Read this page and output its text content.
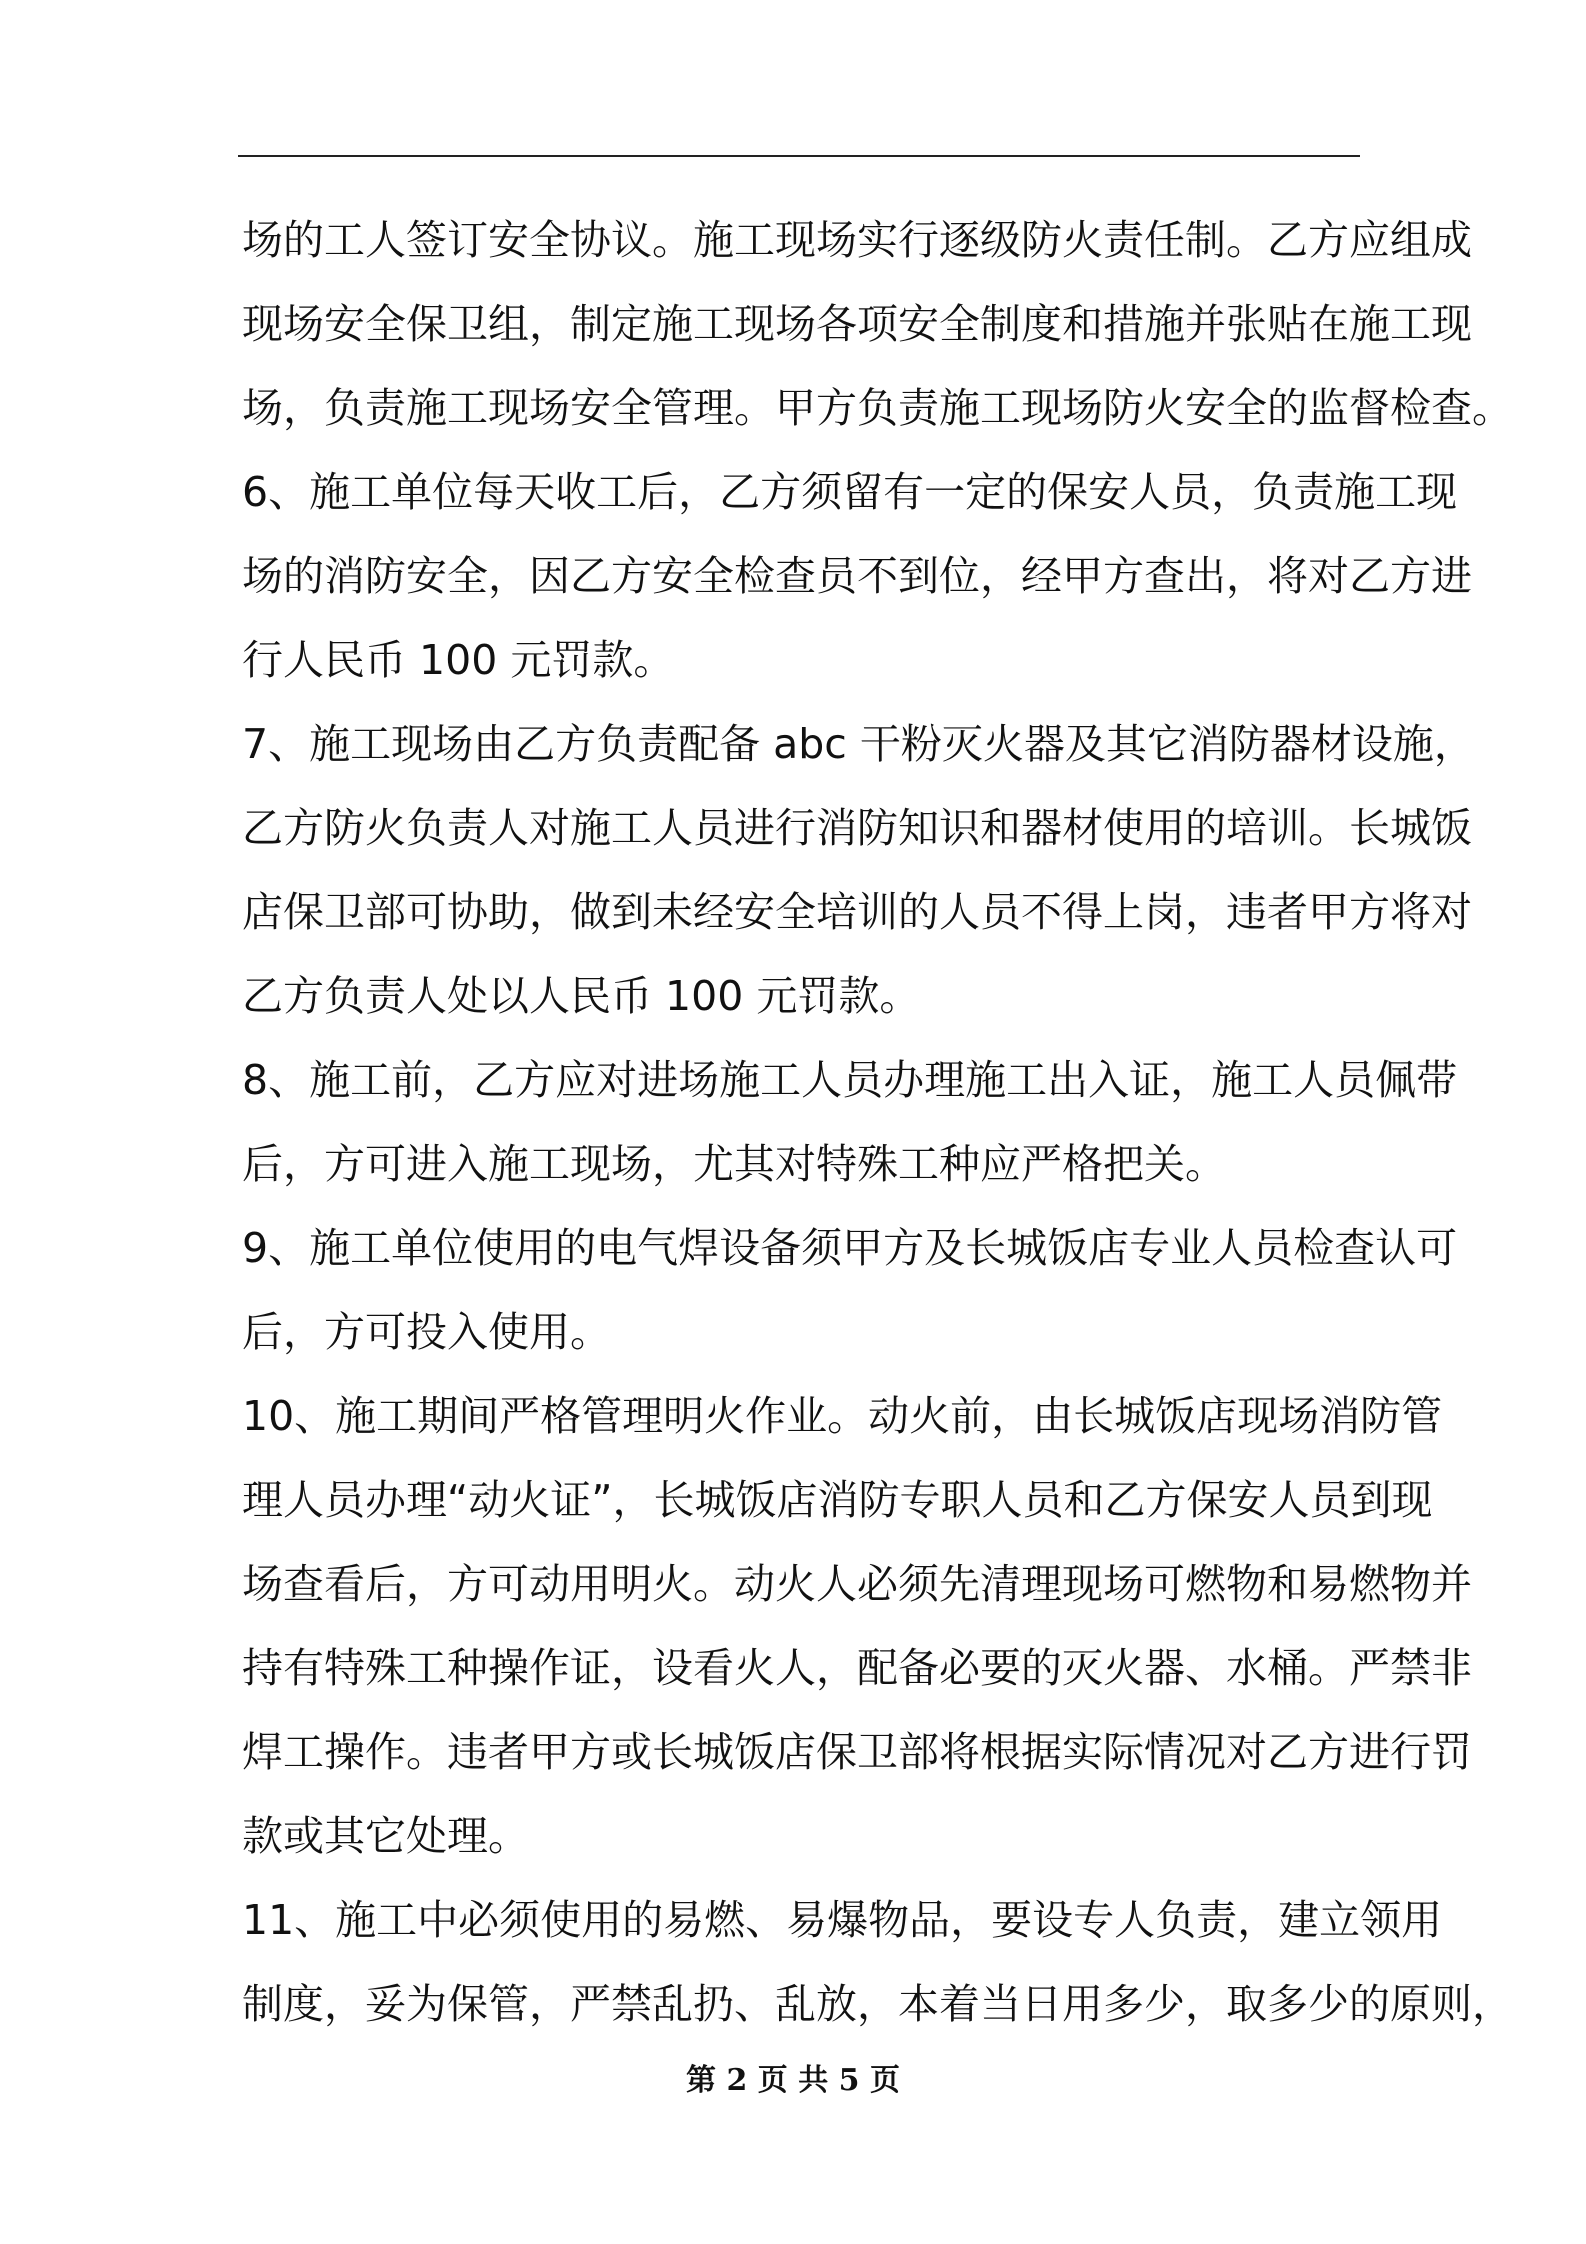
场的工人签订安全协议。施工现场实行逐级防火责任制。乙方应组成
现场安全保卫组，制定施工现场各项安全制度和措施并张贴在施工现
场，负责施工现场安全管理。甲方负责施工现场防火安全的监督检查。
6、施工单位每天收工后，乙方须留有一定的保安人员，负责施工现
场的消防安全，因乙方安全检查员不到位，经甲方查出，将对乙方进
行人民币 100 元罚款。
7、施工现场由乙方负责配备 abc 干粉灭火器及其它消防器材设施，
乙方防火负责人对施工人员进行消防知识和器材使用的培训。长城饭
店保卫部可协助，做到未经安全培训的人员不得上岗，违者甲方将对
乙方负责人处以人民币 100 元罚款。
8、施工前，乙方应对进场施工人员办理施工出入证，施工人员佩带
后，方可进入施工现场，尤其对特殊工种应严格把关。
9、施工单位使用的电气焊设备须甲方及长城饭店专业人员检查认可
后，方可投入使用。
10、施工期间严格管理明火作业。动火前，由长城饭店现场消防管
理人员办理“动火证”，长城饭店消防专职人员和乙方保安人员到现
场查看后，方可动用明火。动火人必须先清理现场可燃物和易燃物并
持有特殊工种操作证，设看火人，配备必要的灭火器、水桶。严禁非
焊工操作。违者甲方或长城饭店保卫部将根据实际情况对乙方进行罚
款或其它处理。
11、施工中必须使用的易燃、易爆物品，要设专人负责，建立领用
制度，妥为保管，严禁乱扔、乱放，本着当日用多少，取多少的原则，
第 2 页 共 5 页
